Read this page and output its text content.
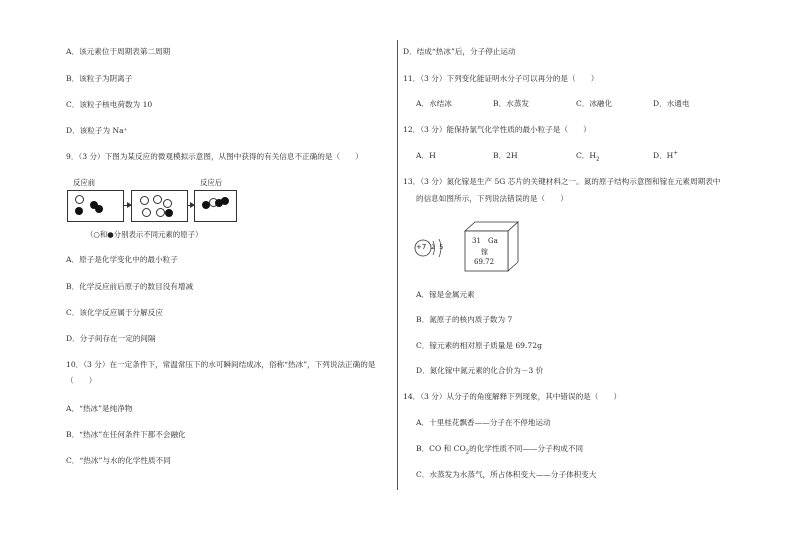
A．该元素位于周期表第二周期
B．该粒子为阴离子
C．该粒子核电荷数为 10
D．该粒子为 Na⁺
9．（3 分）下图为某反应的微观模拟示意图，从图中获得的有关信息不正确的是（　　）
反应前	反应后
（○和●分别表示不同元素的原子）
A．原子是化学变化中的最小粒子
B．化学反应前后原子的数目没有增减
C．该化学反应属于分解反应
D．分子间存在一定的间隔
10．（3 分）在一定条件下，常温常压下的水可瞬间结成冰，俗称“热冰”，下列说法正确的是
（　　）
A．“热冰”是纯净物
B．“热冰”在任何条件下都不会融化
C．“热冰”与水的化学性质不同
D．结成“热冰”后，分子停止运动
11．（3 分）下列变化能证明水分子可以再分的是（　　）
A．水结冰	B．水蒸发	C．冰融化	D．水通电
12．（3 分）能保持氯气化学性质的最小粒子是（　　）
A．H	B．2H	C．$H_2$	D．H+
13．（3 分）氮化镓是生产 5G 芯片的关键材料之一。氮的原子结构示意图和镓在元素周期表中
的信息如图所示，下列说法错误的是（　　）
+7 2 5
31 Ga
镓
69.72
A．镓是金属元素
B．氮原子的核内质子数为 7
C．镓元素的相对原子质量是 69.72g
D．氮化镓中氮元素的化合价为－3 价
14．（3 分）从分子的角度解释下列现象，其中错误的是（　　）
A．十里桂花飘香——分子在不停地运动
B．CO 和 $CO_2$的化学性质不同——分子构成不同
C．水蒸发为水蒸气，所占体积变大——分子体积变大
